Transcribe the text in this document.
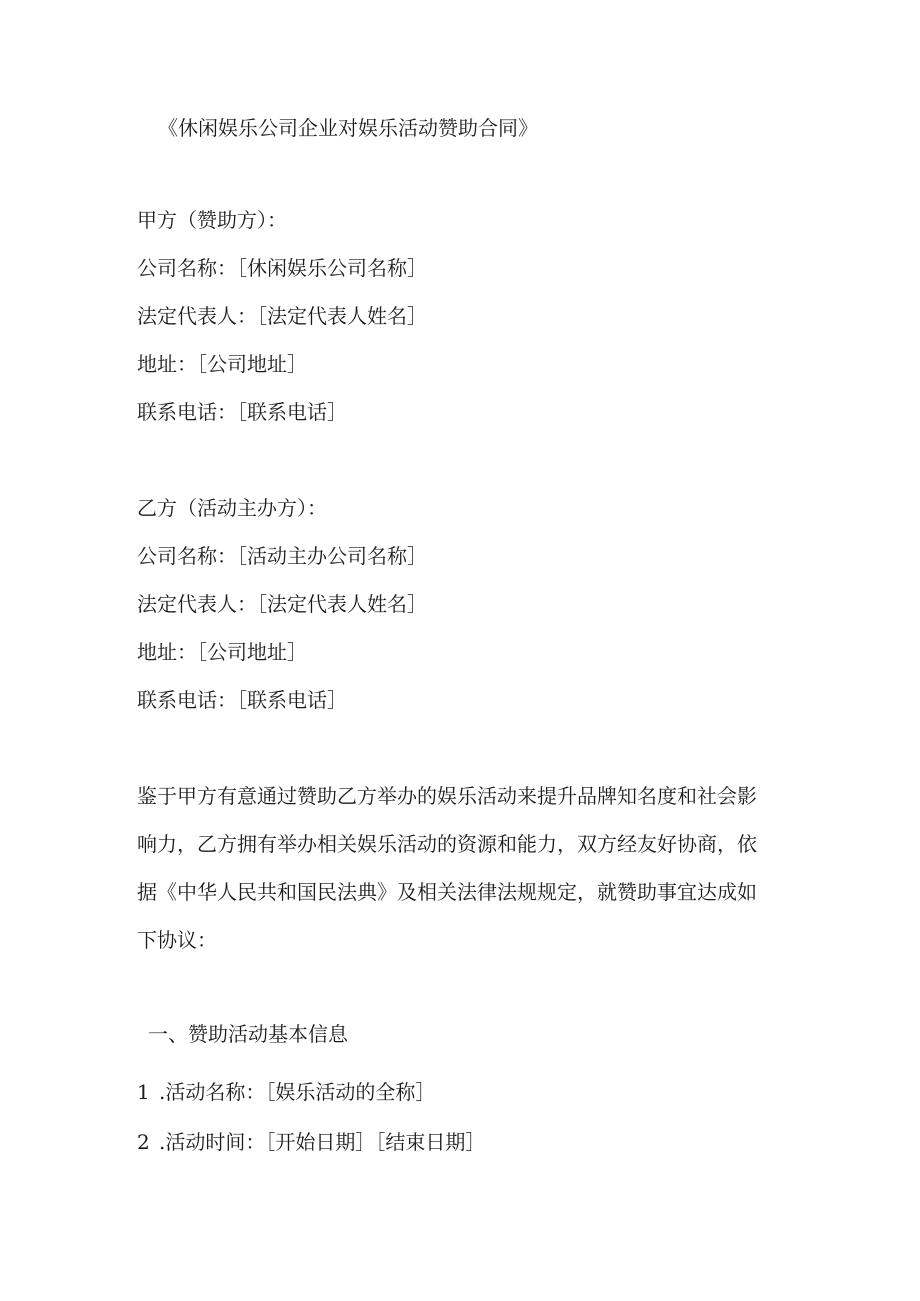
《休闲娱乐公司企业对娱乐活动赞助合同》
甲方（赞助方）：
公司名称：［休闲娱乐公司名称］
法定代表人：［法定代表人姓名］
地址：［公司地址］
联系电话：［联系电话］
乙方（活动主办方）：
公司名称：［活动主办公司名称］
法定代表人：［法定代表人姓名］
地址：［公司地址］
联系电话：［联系电话］
鉴于甲方有意通过赞助乙方举办的娱乐活动来提升品牌知名度和社会影
响力，乙方拥有举办相关娱乐活动的资源和能力，双方经友好协商，依
据《中华人民共和国民法典》及相关法律法规规定，就赞助事宜达成如
下协议：
一、赞助活动基本信息
1 .活动名称：［娱乐活动的全称］
2 .活动时间：［开始日期］［结束日期］
